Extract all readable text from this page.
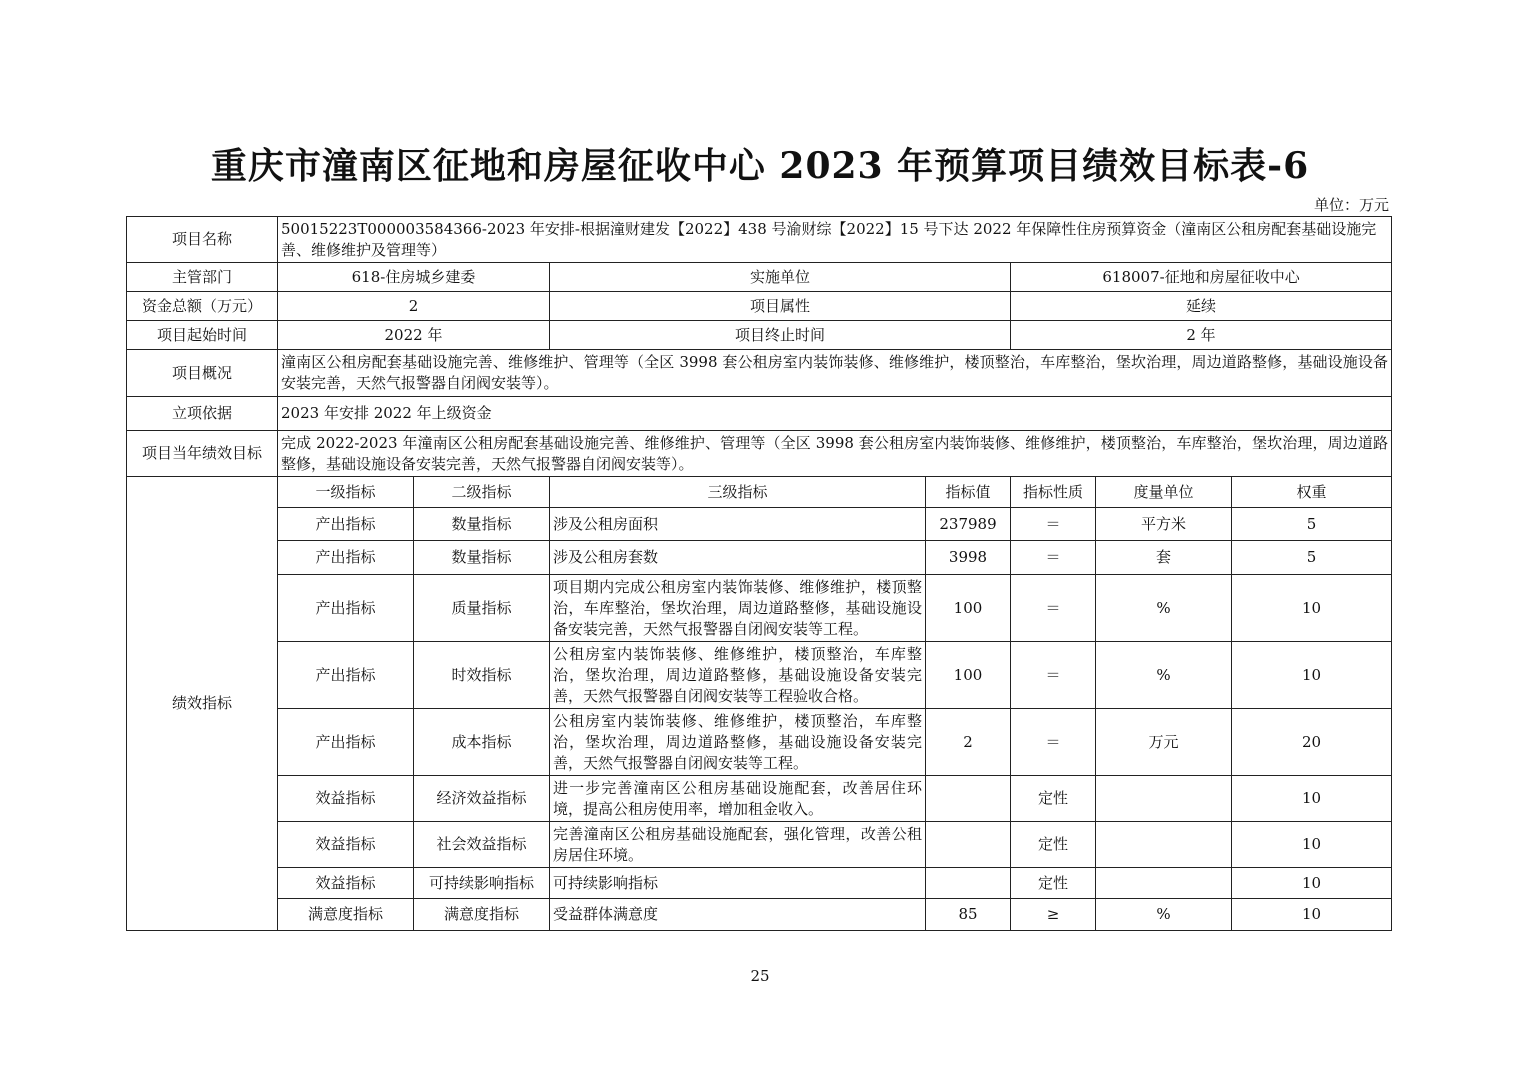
重庆市潼南区征地和房屋征收中心 2023 年预算项目绩效目标表-6
单位：万元
项目名称	50015223T000003584366-2023 年安排-根据潼财建发【2022】438 号渝财综【2022】15 号下达 2022 年保障性住房预算资金（潼南区公租房配套基础设施完善、维修维护及管理等）						
主管部门	618-住房城乡建委		实施单位		618007-征地和房屋征收中心		
资金总额（万元）	2		项目属性		延续		
项目起始时间	2022 年		项目终止时间		2 年		
项目概况	潼南区公租房配套基础设施完善、维修维护、管理等（全区 3998 套公租房室内装饰装修、维修维护，楼顶整治，车库整治，堡坎治理，周边道路整修，基础设施设备安装完善，天然气报警器自闭阀安装等）。						
立项依据	2023 年安排 2022 年上级资金						
项目当年绩效目标	完成 2022-2023 年潼南区公租房配套基础设施完善、维修维护、管理等（全区 3998 套公租房室内装饰装修、维修维护，楼顶整治，车库整治，堡坎治理，周边道路整修，基础设施设备安装完善，天然气报警器自闭阀安装等）。						
绩效指标	一级指标	二级指标	三级指标	指标值	指标性质	度量单位	权重
	产出指标	数量指标	涉及公租房面积	237989	＝	平方米	5
	产出指标	数量指标	涉及公租房套数	3998	＝	套	5
	产出指标	质量指标	项目期内完成公租房室内装饰装修、维修维护，楼顶整治，车库整治，堡坎治理，周边道路整修，基础设施设备安装完善，天然气报警器自闭阀安装等工程。	100	＝	%	10
	产出指标	时效指标	公租房室内装饰装修、维修维护，楼顶整治，车库整治，堡坎治理，周边道路整修，基础设施设备安装完善，天然气报警器自闭阀安装等工程验收合格。	100	＝	%	10
	产出指标	成本指标	公租房室内装饰装修、维修维护，楼顶整治，车库整治，堡坎治理，周边道路整修，基础设施设备安装完善，天然气报警器自闭阀安装等工程。	2	＝	万元	20
	效益指标	经济效益指标	进一步完善潼南区公租房基础设施配套，改善居住环境，提高公租房使用率，增加租金收入。		定性		10
	效益指标	社会效益指标	完善潼南区公租房基础设施配套，强化管理，改善公租房居住环境。		定性		10
	效益指标	可持续影响指标	可持续影响指标		定性		10
	满意度指标	满意度指标	受益群体满意度	85	≥	%	10
25
